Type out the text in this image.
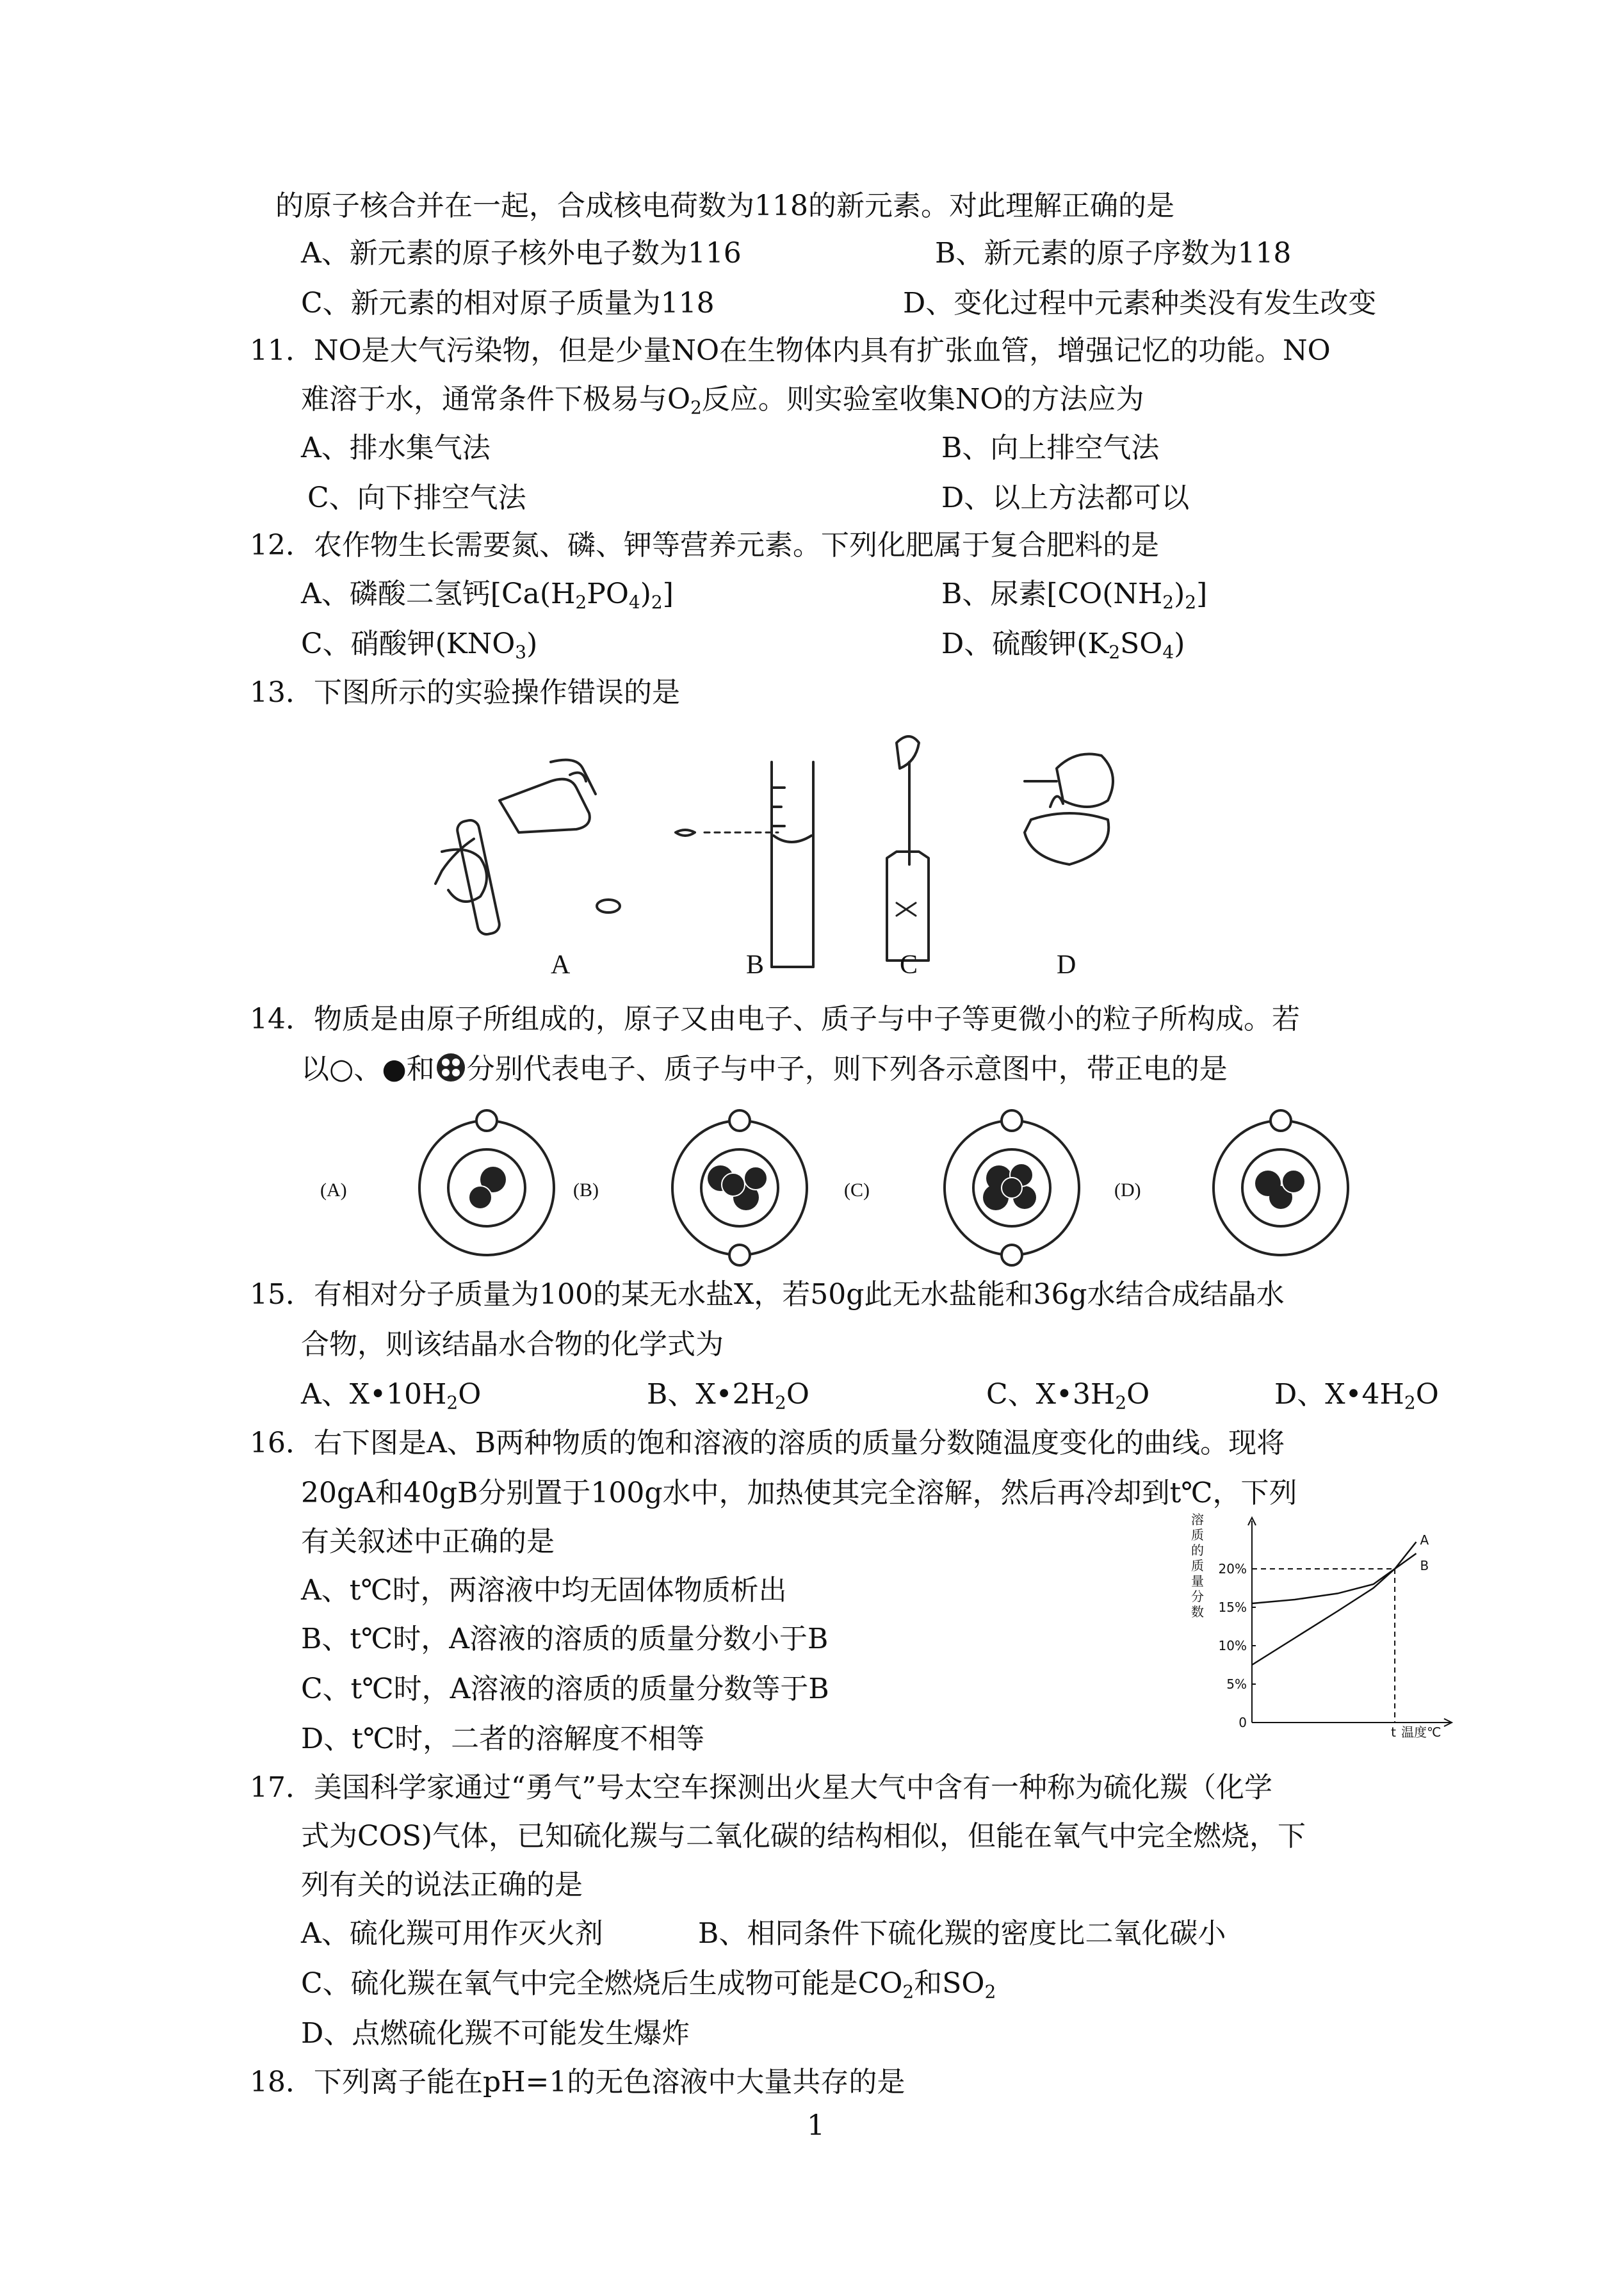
的原子核合并在一起，合成核电荷数为118的新元素。对此理解正确的是
A、新元素的原子核外电子数为116	B、新元素的原子序数为118
C、新元素的相对原子质量为118	D、变化过程中元素种类没有发生改变
11．NO是大气污染物，但是少量NO在生物体内具有扩张血管，增强记忆的功能。NO
难溶于水，通常条件下极易与$O_2$反应。则实验室收集NO的方法应为
A、排水集气法	B、向上排空气法
C、向下排空气法	D、以上方法都可以
12．农作物生长需要氮、磷、钾等营养元素。下列化肥属于复合肥料的是
A、磷酸二氢钙$[Ca(H_2PO_4)_2]$	B、尿素$[CO(NH_2)_2]$
C、硝酸钾$(KNO_3)$	D、硫酸钾$(K_2SO_4)$
13．下图所示的实验操作错误的是
A	B	C	D
14．物质是由原子所组成的，原子又由电子、质子与中子等更微小的粒子所构成。若
以○、●和 分别代表电子、质子与中子，则下列各示意图中，带正电的是
(A)	(B)	(C)	(D)
15．有相对分子质量为100的某无水盐X，若50g此无水盐能和36g水结合成结晶水
合物，则该结晶水合物的化学式为
A、$X•10H_2O$	B、$X•2H_2O$	C、$X•3H_2O$	D、$X•4H_2O$
16．右下图是A、B两种物质的饱和溶液的溶质的质量分数随温度变化的曲线。现将
20gA和40gB分别置于100g水中，加热使其完全溶解，然后再冷却到t℃，下列
有关叙述中正确的是
A、t℃时，两溶液中均无固体物质析出
B、t℃时，A溶液的溶质的质量分数小于B
C、t℃时，A溶液的溶质的质量分数等于B
D、t℃时，二者的溶解度不相等
溶
质
的
质
量
分
数
0
5%
10%
15%
20%
A
B
t 温度℃
17．美国科学家通过“勇气”号太空车探测出火星大气中含有一种称为硫化羰（化学
式为COS)气体，已知硫化羰与二氧化碳的结构相似，但能在氧气中完全燃烧，下
列有关的说法正确的是
A、硫化羰可用作灭火剂	B、相同条件下硫化羰的密度比二氧化碳小
C、硫化羰在氧气中完全燃烧后生成物可能是$CO_2$和$SO_2$
D、点燃硫化羰不可能发生爆炸
18．下列离子能在pH=1的无色溶液中大量共存的是
1
